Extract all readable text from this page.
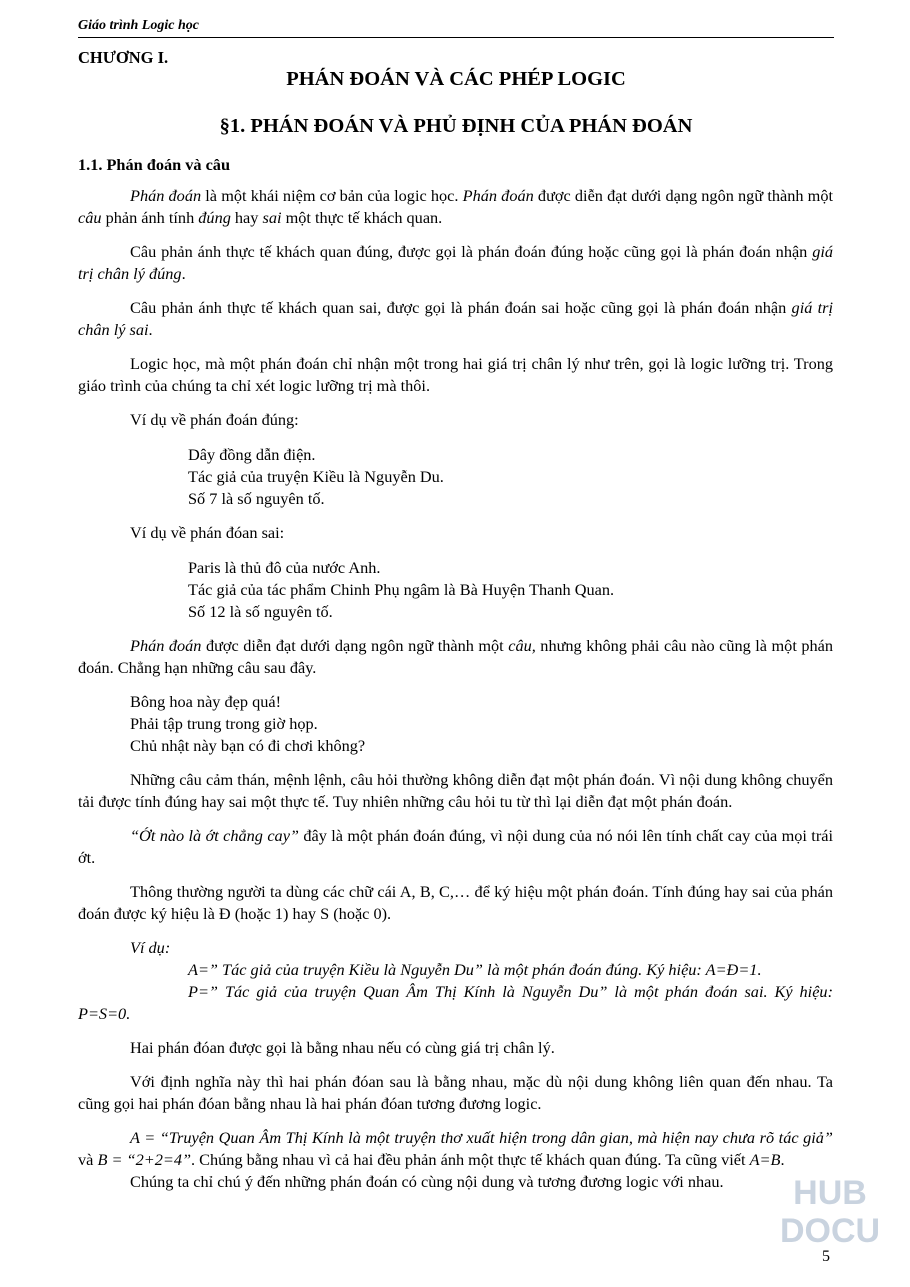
Giáo trình Logic học
CHƯƠNG I.
PHÁN ĐOÁN VÀ CÁC PHÉP LOGIC
§1. PHÁN ĐOÁN VÀ PHỦ ĐỊNH CỦA PHÁN ĐOÁN

1.1. Phán đoán và câu

Phán đoán là một khái niệm cơ bản của logic học. Phán đoán được diễn đạt dưới dạng ngôn ngữ thành một câu phản ánh tính đúng hay sai một thực tế khách quan.

Câu phản ánh thực tế khách quan đúng, được gọi là phán đoán đúng hoặc cũng gọi là phán đoán nhận giá trị chân lý đúng.

Câu phản ánh thực tế khách quan sai, được gọi là phán đoán sai hoặc cũng gọi là phán đoán nhận giá trị chân lý sai.

Logic học, mà một phán đoán chỉ nhận một trong hai giá trị chân lý như trên, gọi là logic lưỡng trị. Trong giáo trình của chúng ta chỉ xét logic lưỡng trị mà thôi.

Ví dụ về phán đoán đúng:

Dây đồng dẫn điện.
Tác giả của truyện Kiều là Nguyễn Du.
Số 7 là số nguyên tố.

Ví dụ về phán đóan sai:

Paris là thủ đô của nước Anh.
Tác giả của tác phẩm Chinh Phụ ngâm là Bà Huyện Thanh Quan.
Số 12 là số nguyên tố.

Phán đoán được diễn đạt dưới dạng ngôn ngữ thành một câu, nhưng không phải câu nào cũng là một phán đoán. Chẳng hạn những câu sau đây.

Bông hoa này đẹp quá!
Phải tập trung trong giờ họp.
Chủ nhật này bạn có đi chơi không?

Những câu cảm thán, mệnh lệnh, câu hỏi thường không diễn đạt một phán đoán. Vì nội dung không chuyển tải được tính đúng hay sai một thực tế. Tuy nhiên những câu hỏi tu từ thì lại diễn đạt một phán đoán.

“Ớt nào là ớt chẳng cay” đây là một phán đoán đúng, vì nội dung của nó nói lên tính chất cay của mọi trái ớt.

Thông thường người ta dùng các chữ cái A, B, C,… để ký hiệu một phán đoán. Tính đúng hay sai của phán đoán được ký hiệu là Đ (hoặc 1) hay S (hoặc 0).

Ví dụ:
A=” Tác giả của truyện Kiều là Nguyễn Du” là một phán đoán đúng. Ký hiệu: A=Đ=1.
P=” Tác giả của truyện Quan Âm Thị Kính là Nguyễn Du” là một phán đoán sai. Ký hiệu: P=S=0.

Hai phán đóan được gọi là bằng nhau nếu có cùng giá trị chân lý.

Với định nghĩa này thì hai phán đóan sau là bằng nhau, mặc dù nội dung không liên quan đến nhau. Ta cũng gọi hai phán đóan bằng nhau là hai phán đóan tương đương logic.

A = “Truyện Quan Âm Thị Kính là một truyện thơ xuất hiện trong dân gian, mà hiện nay chưa rõ tác giả” và B = “2+2=4”. Chúng bằng nhau vì cả hai đều phản ánh một thực tế khách quan đúng. Ta cũng viết A=B.

Chúng ta chỉ chú ý đến những phán đoán có cùng nội dung và tương đương logic với nhau.	HUB
DOCU
5
